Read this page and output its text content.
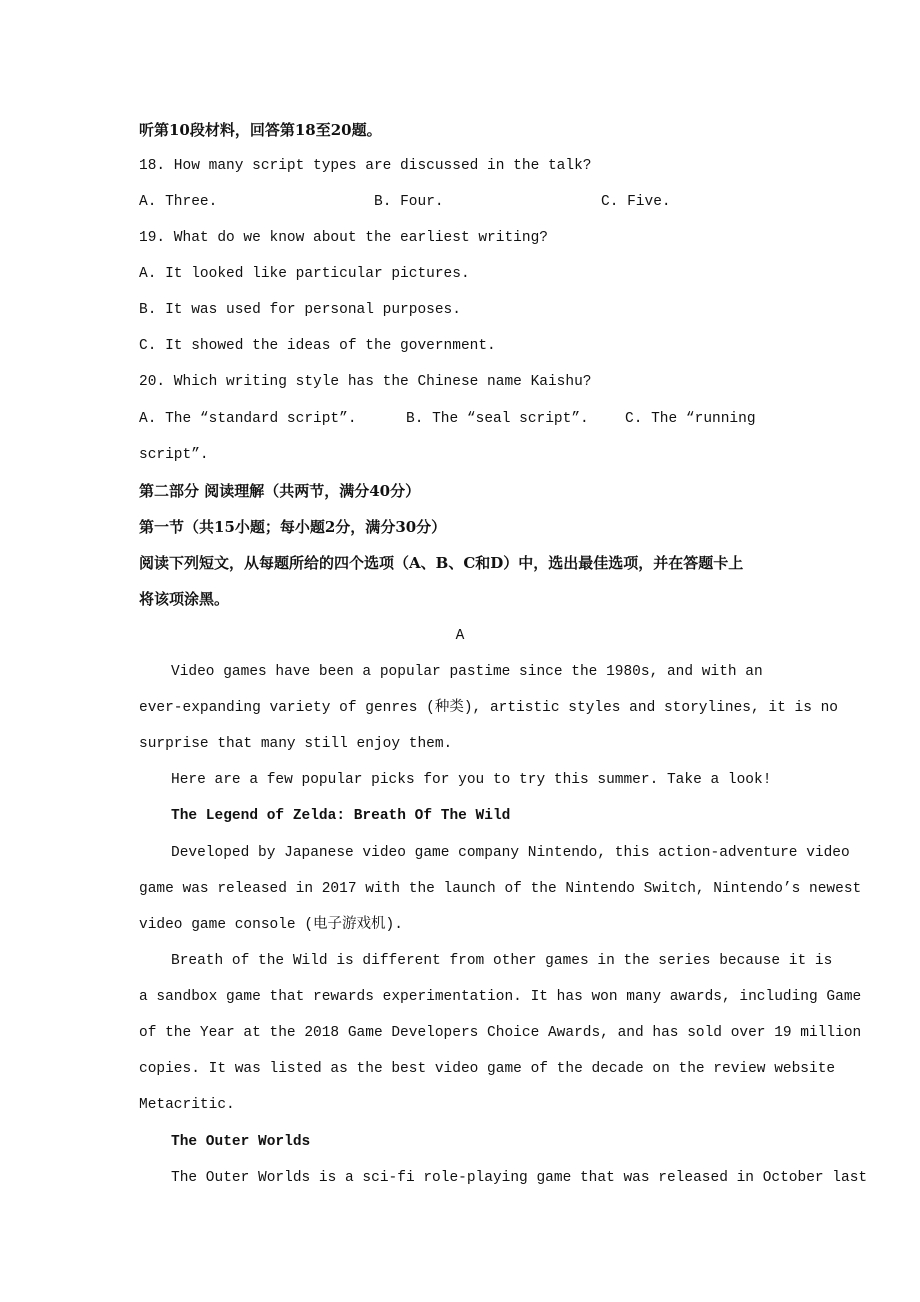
听第10段材料，回答第18至20题。
18. How many script types are discussed in the talk?
A. Three.	B. Four.	C. Five.
19. What do we know about the earliest writing?
A. It looked like particular pictures.
B. It was used for personal purposes.
C. It showed the ideas of the government.
20. Which writing style has the Chinese name Kaishu?
A. The “standard script”.	B. The “seal script”.	C. The “running
script”.
第二部分 阅读理解（共两节，满分40分）
第一节（共15小题；每小题2分，满分30分）
阅读下列短文，从每题所给的四个选项（A、B、C和D）中，选出最佳选项，并在答题卡上
将该项涂黑。
A
Video games have been a popular pastime since the 1980s, and with an
ever-expanding variety of genres (种类), artistic styles and storylines, it is no
surprise that many still enjoy them.
Here are a few popular picks for you to try this summer. Take a look!
The Legend of Zelda: Breath Of The Wild
Developed by Japanese video game company Nintendo, this action-adventure video
game was released in 2017 with the launch of the Nintendo Switch, Nintendo’s newest
video game console (电子游戏机).
Breath of the Wild is different from other games in the series because it is
a sandbox game that rewards experimentation. It has won many awards, including Game
of the Year at the 2018 Game Developers Choice Awards, and has sold over 19 million
copies. It was listed as the best video game of the decade on the review website
Metacritic.
The Outer Worlds
The Outer Worlds is a sci-fi role-playing game that was released in October last
